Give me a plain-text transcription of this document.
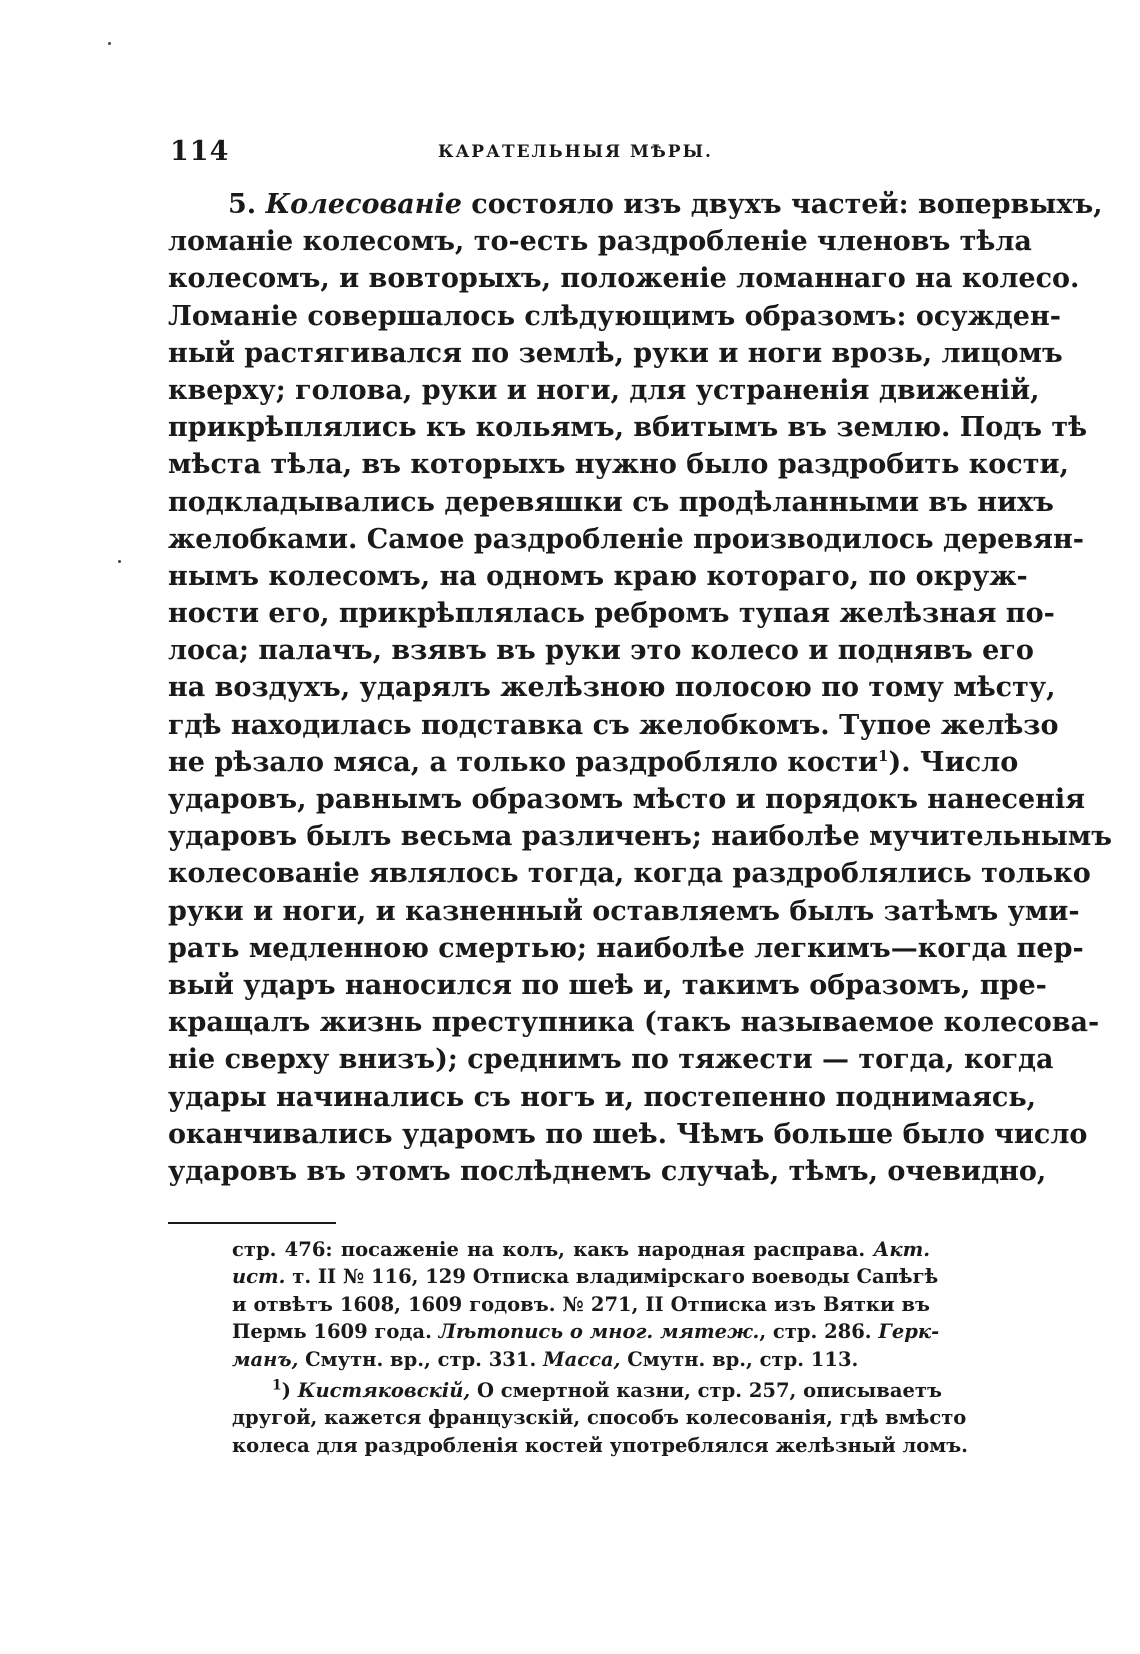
114	КАРАТЕЛЬНЫЯ МѢРЫ.
5. Колесованіе состояло изъ двухъ частей: вопервыхъ,
ломаніе колесомъ, то-есть раздробленіе членовъ тѣла
колесомъ, и вовторыхъ, положеніе ломаннаго на колесо.
Ломаніе совершалось слѣдующимъ образомъ: осужден-
ный растягивался по землѣ, руки и ноги врозь, лицомъ
кверху; голова, руки и ноги, для устраненія движеній,
прикрѣплялись къ кольямъ, вбитымъ въ землю. Подъ тѣ
мѣста тѣла, въ которыхъ нужно было раздробить кости,
подкладывались деревяшки съ продѣланными въ нихъ
желобками. Самое раздробленіе производилось деревян-
нымъ колесомъ, на одномъ краю котораго, по окруж-
ности его, прикрѣплялась ребромъ тупая желѣзная по-
лоса; палачъ, взявъ въ руки это колесо и поднявъ его
на воздухъ, ударялъ желѣзною полосою по тому мѣсту,
гдѣ находилась подставка съ желобкомъ. Тупое желѣзо
не рѣзало мяса, а только раздробляло кости$^1$). Число
ударовъ, равнымъ образомъ мѣсто и порядокъ нанесенія
ударовъ былъ весьма различенъ; наиболѣе мучительнымъ
колесованіе являлось тогда, когда раздроблялись только
руки и ноги, и казненный оставляемъ былъ затѣмъ уми-
рать медленною смертью; наиболѣе легкимъ—когда пер-
вый ударъ наносился по шеѣ и, такимъ образомъ, пре-
кращалъ жизнь преступника (такъ называемое колесова-
ніе сверху внизъ); среднимъ по тяжести — тогда, когда
удары начинались съ ногъ и, постепенно поднимаясь,
оканчивались ударомъ по шеѣ. Чѣмъ больше было число
ударовъ въ этомъ послѣднемъ случаѣ, тѣмъ, очевидно,
стр. 476: посаженіе на колъ, какъ народная расправа. Акт.
ист. т. II № 116, 129 Отписка владимірскаго воеводы Сапѣгѣ
и отвѣтъ 1608, 1609 годовъ. № 271, II Отписка изъ Вятки въ
Пермь 1609 года. Лѣтопись о мног. мятеж., стр. 286. Герк-
манъ, Смутн. вр., стр. 331. Масса, Смутн. вр., стр. 113.
$^1$) Кистяковскій, О смертной казни, стр. 257, описываетъ
другой, кажется французскій, способъ колесованія, гдѣ вмѣсто
колеса для раздробленія костей употреблялся желѣзный ломъ.
